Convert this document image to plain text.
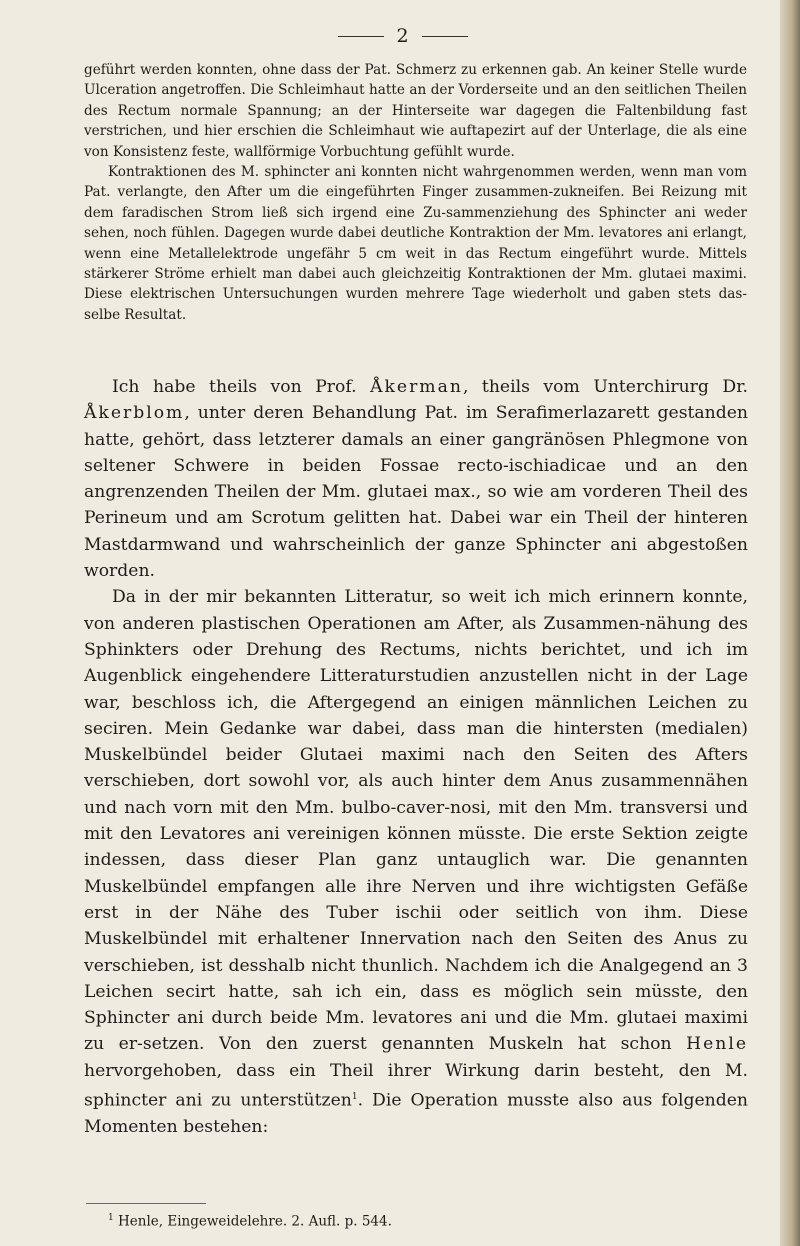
2

geführt werden konnten, ohne dass der Pat. Schmerz zu erkennen gab. An keiner Stelle wurde Ulceration angetroffen. Die Schleimhaut hatte an der Vorderseite und an den seitlichen Theilen des Rectum normale Spannung; an der Hinterseite war dagegen die Faltenbildung fast verstrichen, und hier erschien die Schleimhaut wie auftapezirt auf der Unterlage, die als eine von Konsistenz feste, wallförmige Vorbuchtung gefühlt wurde.

Kontraktionen des M. sphincter ani konnten nicht wahrgenommen werden, wenn man vom Pat. verlangte, den After um die eingeführten Finger zusammen-zukneifen. Bei Reizung mit dem faradischen Strom ließ sich irgend eine Zu-sammenziehung des Sphincter ani weder sehen, noch fühlen. Dagegen wurde dabei deutliche Kontraktion der Mm. levatores ani erlangt, wenn eine Metallelektrode ungefähr 5 cm weit in das Rectum eingeführt wurde. Mittels stärkerer Ströme erhielt man dabei auch gleichzeitig Kontraktionen der Mm. glutaei maximi. Diese elektrischen Untersuchungen wurden mehrere Tage wiederholt und gaben stets das-selbe Resultat.

Ich habe theils von Prof. Åkerman, theils vom Unterchirurg Dr. Åkerblom, unter deren Behandlung Pat. im Serafimerlazarett gestanden hatte, gehört, dass letzterer damals an einer gangränösen Phlegmone von seltener Schwere in beiden Fossae recto-ischiadicae und an den angrenzenden Theilen der Mm. glutaei max., so wie am vorderen Theil des Perineum und am Scrotum gelitten hat. Dabei war ein Theil der hinteren Mastdarmwand und wahrscheinlich der ganze Sphincter ani abgestoßen worden.

Da in der mir bekannten Litteratur, so weit ich mich erinnern konnte, von anderen plastischen Operationen am After, als Zusammen-nähung des Sphinkters oder Drehung des Rectums, nichts berichtet, und ich im Augenblick eingehendere Litteraturstudien anzustellen nicht in der Lage war, beschloss ich, die Aftergegend an einigen männlichen Leichen zu seciren. Mein Gedanke war dabei, dass man die hintersten (medialen) Muskelbündel beider Glutaei maximi nach den Seiten des Afters verschieben, dort sowohl vor, als auch hinter dem Anus zusammennähen und nach vorn mit den Mm. bulbo-caver-nosi, mit den Mm. transversi und mit den Levatores ani vereinigen können müsste. Die erste Sektion zeigte indessen, dass dieser Plan ganz untauglich war. Die genannten Muskelbündel empfangen alle ihre Nerven und ihre wichtigsten Gefäße erst in der Nähe des Tuber ischii oder seitlich von ihm. Diese Muskelbündel mit erhaltener Innervation nach den Seiten des Anus zu verschieben, ist desshalb nicht thunlich. Nachdem ich die Analgegend an 3 Leichen secirt hatte, sah ich ein, dass es möglich sein müsste, den Sphincter ani durch beide Mm. levatores ani und die Mm. glutaei maximi zu er-setzen. Von den zuerst genannten Muskeln hat schon Henle hervorgehoben, dass ein Theil ihrer Wirkung darin besteht, den M. sphincter ani zu unterstützen$^1$. Die Operation musste also aus folgenden Momenten bestehen:

$^1$ Henle, Eingeweidelehre. 2. Aufl. p. 544.
